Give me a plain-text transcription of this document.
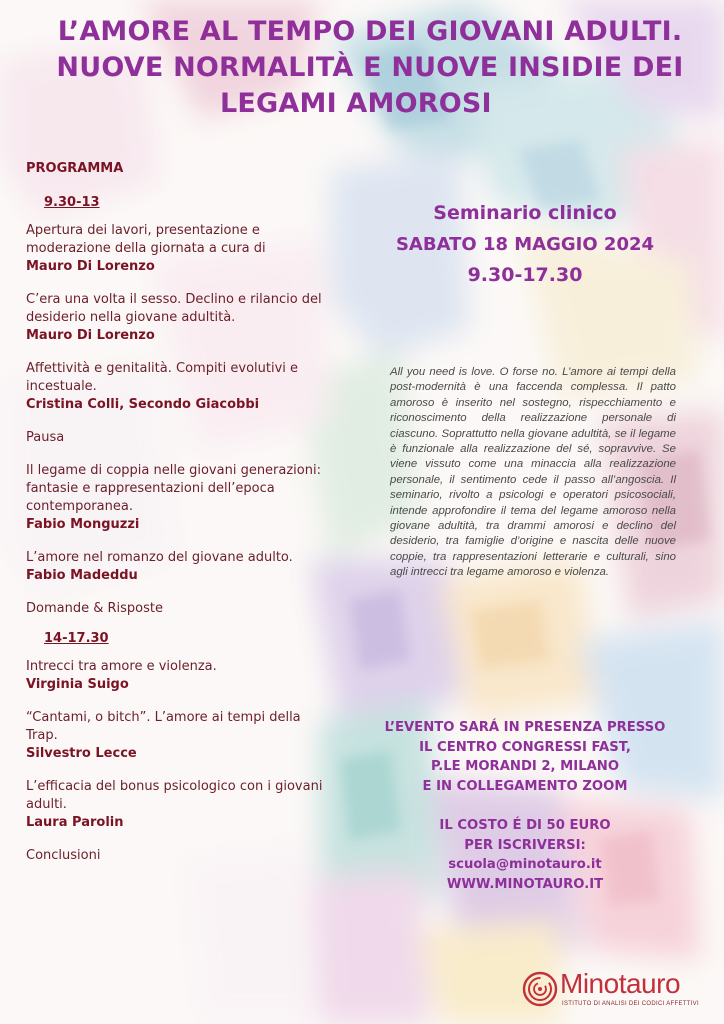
L’AMORE AL TEMPO DEI GIOVANI ADULTI.
NUOVE NORMALITÀ E NUOVE INSIDIE DEI
LEGAMI AMOROSI
PROGRAMMA
9.30-13
Apertura dei lavori, presentazione e moderazione della giornata a cura di
Mauro Di Lorenzo
C’era una volta il sesso. Declino e rilancio del desiderio nella giovane adultità.
Mauro Di Lorenzo
Affettività e genitalità. Compiti evolutivi e incestuale.
Cristina Colli, Secondo Giacobbi
Pausa
Il legame di coppia nelle giovani generazioni: fantasie e rappresentazioni dell’epoca contemporanea.
Fabio Monguzzi
L’amore nel romanzo del giovane adulto.
Fabio Madeddu
Domande & Risposte
14-17.30
Intrecci tra amore e violenza.
Virginia Suigo
“Cantami, o bitch”. L’amore ai tempi della Trap.
Silvestro Lecce
L’efficacia del bonus psicologico con i giovani adulti.
Laura Parolin
Conclusioni
Seminario clinico
SABATO 18 MAGGIO 2024
9.30-17.30
All you need is love. O forse no. L’amore ai tempi della post-modernità è una faccenda complessa. Il patto amoroso è inserito nel sostegno, rispecchiamento e riconoscimento della realizzazione personale di ciascuno. Soprattutto nella giovane adultità, se il legame è funzionale alla realizzazione del sé, sopravvive. Se viene vissuto come una minaccia alla realizzazione personale, il sentimento cede il passo all’angoscia. Il seminario, rivolto a psicologi e operatori psicosociali, intende approfondire il tema del legame amoroso nella giovane adultità, tra drammi amorosi e declino del desiderio, tra famiglie d’origine e nascita delle nuove coppie, tra rappresentazioni letterarie e culturali, sino agli intrecci tra legame amoroso e violenza.
L’EVENTO SARÁ IN PRESENZA PRESSO
IL CENTRO CONGRESSI FAST,
P.LE MORANDI 2, MILANO
E IN COLLEGAMENTO ZOOM
IL COSTO É DI 50 EURO
PER ISCRIVERSI:
scuola@minotauro.it
WWW.MINOTAURO.IT
Minotauro
ISTITUTO DI ANALISI DEI CODICI AFFETTIVI
